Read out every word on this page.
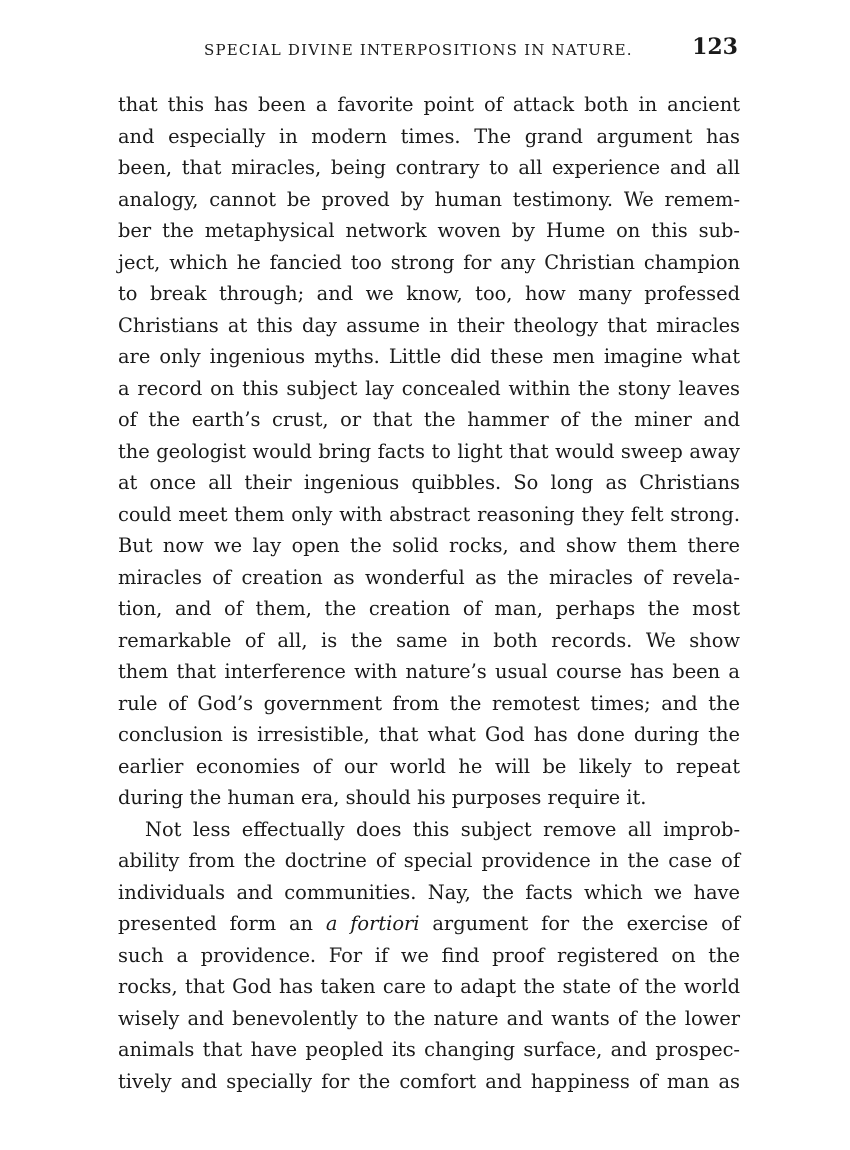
SPECIAL DIVINE INTERPOSITIONS IN NATURE.	123
that this has been a favorite point of attack both in ancient
and especially in modern times. The grand argument has
been, that miracles, being contrary to all experience and all
analogy, cannot be proved by human testimony. We remem-
ber the metaphysical network woven by Hume on this sub-
ject, which he fancied too strong for any Christian champion
to break through; and we know, too, how many professed
Christians at this day assume in their theology that miracles
are only ingenious myths. Little did these men imagine what
a record on this subject lay concealed within the stony leaves
of the earth’s crust, or that the hammer of the miner and
the geologist would bring facts to light that would sweep away
at once all their ingenious quibbles. So long as Christians
could meet them only with abstract reasoning they felt strong.
But now we lay open the solid rocks, and show them there
miracles of creation as wonderful as the miracles of revela-
tion, and of them, the creation of man, perhaps the most
remarkable of all, is the same in both records. We show
them that interference with nature’s usual course has been a
rule of God’s government from the remotest times; and the
conclusion is irresistible, that what God has done during the
earlier economies of our world he will be likely to repeat
during the human era, should his purposes require it.
Not less effectually does this subject remove all improb-
ability from the doctrine of special providence in the case of
individuals and communities. Nay, the facts which we have
presented form an a fortiori argument for the exercise of
such a providence. For if we find proof registered on the
rocks, that God has taken care to adapt the state of the world
wisely and benevolently to the nature and wants of the lower
animals that have peopled its changing surface, and prospec-
tively and specially for the comfort and happiness of man as
